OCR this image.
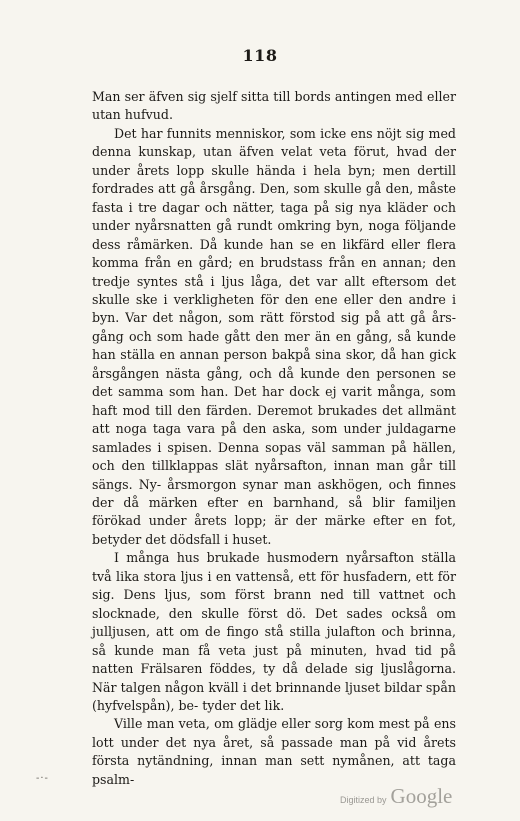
118

Man ser äfven sig sjelf sitta till bords antingen med eller utan hufvud.

Det har funnits menniskor, som icke ens nöjt sig med denna kunskap, utan äfven velat veta förut, hvad der under årets lopp skulle hända i hela byn; men dertill fordrades att gå årsgång. Den, som skulle gå den, måste fasta i tre dagar och nätter, taga på sig nya kläder och under nyårsnatten gå rundt omkring byn, noga följande dess råmärken. Då kunde han se en likfärd eller flera komma från en gård; en brudstass från en annan; den tredje syntes stå i ljus låga, det var allt eftersom det skulle ske i verkligheten för den ene eller den andre i byn. Var det någon, som rätt förstod sig på att gå års- gång och som hade gått den mer än en gång, så kunde han ställa en annan person bakpå sina skor, då han gick årsgången nästa gång, och då kunde den personen se det samma som han. Det har dock ej varit många, som haft mod till den färden. Deremot brukades det allmänt att noga taga vara på den aska, som under juldagarne samlades i spisen. Denna sopas väl samman på hällen, och den tillklappas slät nyårsafton, innan man går till sängs. Ny- årsmorgon synar man askhögen, och finnes der då märken efter en barnhand, så blir familjen förökad under årets lopp; är der märke efter en fot, betyder det dödsfall i huset.

I många hus brukade husmodern nyårsafton ställa två lika stora ljus i en vattenså, ett för husfadern, ett för sig. Dens ljus, som först brann ned till vattnet och slocknade, den skulle först dö. Det sades också om julljusen, att om de fingo stå stilla julafton och brinna, så kunde man få veta just på minuten, hvad tid på natten Frälsaren föddes, ty då delade sig ljuslågorna. När talgen någon kväll i det brinnande ljuset bildar spån (hyfvelspån), be- tyder det lik.

Ville man veta, om glädje eller sorg kom mest på ens lott under det nya året, så passade man på vid årets första nytändning, innan man sett nymånen, att taga psalm-

-·-
Digitized by Google
